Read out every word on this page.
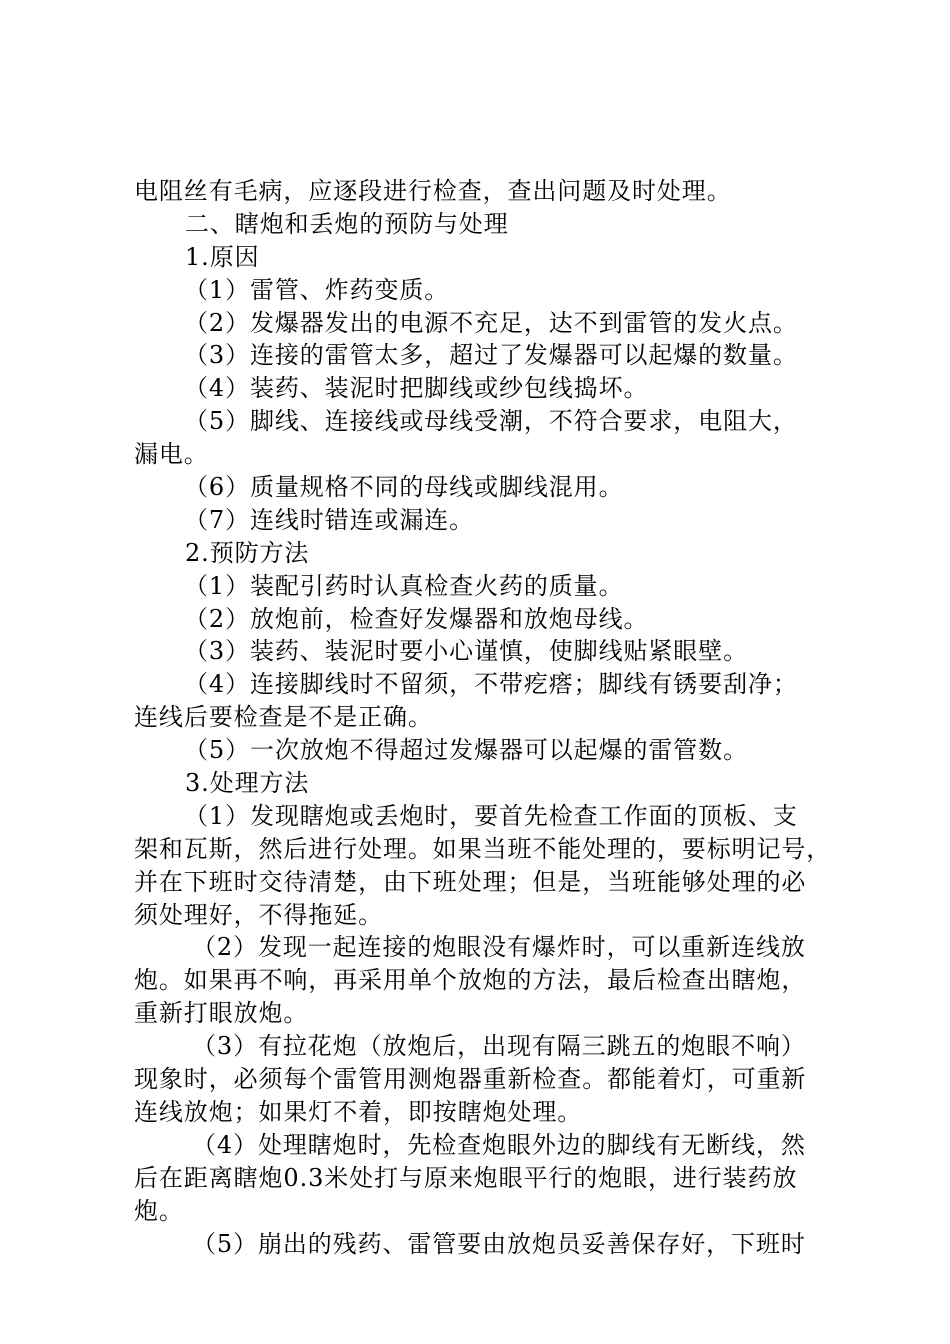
电阻丝有毛病，应逐段进行检查，查出问题及时处理。
二、瞎炮和丢炮的预防与处理
1.原因
（1）雷管、炸药变质。
（2）发爆器发出的电源不充足，达不到雷管的发火点。
（3）连接的雷管太多，超过了发爆器可以起爆的数量。
（4）装药、装泥时把脚线或纱包线捣坏。
（5）脚线、连接线或母线受潮，不符合要求，电阻大，
漏电。
（6）质量规格不同的母线或脚线混用。
（7）连线时错连或漏连。
2.预防方法
（1）装配引药时认真检查火药的质量。
（2）放炮前，检查好发爆器和放炮母线。
（3）装药、装泥时要小心谨慎，使脚线贴紧眼壁。
（4）连接脚线时不留须，不带疙瘩；脚线有锈要刮净；
连线后要检查是不是正确。
（5）一次放炮不得超过发爆器可以起爆的雷管数。
3.处理方法
（1）发现瞎炮或丢炮时，要首先检查工作面的顶板、支
架和瓦斯，然后进行处理。如果当班不能处理的，要标明记号，
并在下班时交待清楚，由下班处理；但是，当班能够处理的必
须处理好，不得拖延。
（2）发现一起连接的炮眼没有爆炸时，可以重新连线放
炮。如果再不响，再采用单个放炮的方法，最后检查出瞎炮，
重新打眼放炮。
（3）有拉花炮（放炮后，出现有隔三跳五的炮眼不响）
现象时，必须每个雷管用测炮器重新检查。都能着灯，可重新
连线放炮；如果灯不着，即按瞎炮处理。
（4）处理瞎炮时，先检查炮眼外边的脚线有无断线，然
后在距离瞎炮0.3米处打与原来炮眼平行的炮眼，进行装药放
炮。
（5）崩出的残药、雷管要由放炮员妥善保存好，下班时
